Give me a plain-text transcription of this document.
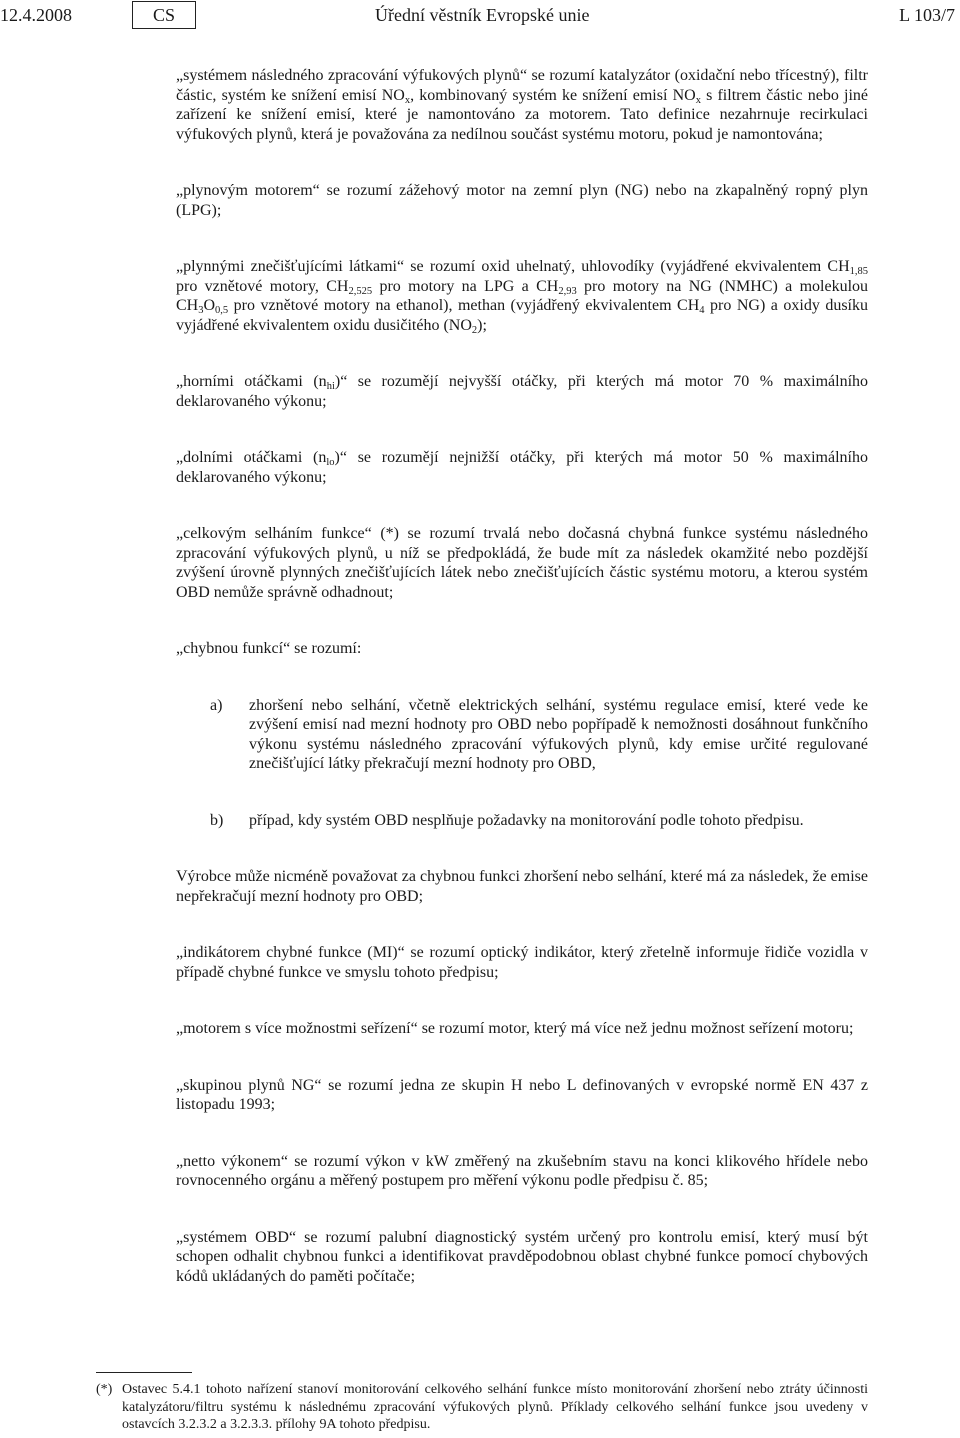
12.4.2008	CS	Úřední věstník Evropské unie	L 103/7

„systémem následného zpracování výfukových plynů“ se rozumí katalyzátor (oxidační nebo třícestný), filtr částic, systém ke snížení emisí $NO_x$, kombinovaný systém ke snížení emisí $NO_x$ s filtrem částic nebo jiné zařízení ke snížení emisí, které je namontováno za motorem. Tato definice nezahrnuje recirkulaci výfukových plynů, která je považována za nedílnou součást systému motoru, pokud je namontována;

„plynovým motorem“ se rozumí zážehový motor na zemní plyn (NG) nebo na zkapalněný ropný plyn (LPG);

„plynnými znečišťujícími látkami“ se rozumí oxid uhelnatý, uhlovodíky (vyjádřené ekvivalentem $CH_{1,85}$ pro vznětové motory, $CH_{2,525}$ pro motory na LPG a $CH_{2,93}$ pro motory na NG (NMHC) a molekulou $CH_3O_{0,5}$ pro vznětové motory na ethanol), methan (vyjádřený ekvivalentem $CH_4$ pro NG) a oxidy dusíku vyjádřené ekvivalentem oxidu dusičitého $(NO_2)$;

„horními otáčkami $(n_{hi})“$ se rozumějí nejvyšší otáčky, při kterých má motor 70 % maximálního deklarovaného výkonu;

„dolními otáčkami $(n_{lo})“$ se rozumějí nejnižší otáčky, při kterých má motor 50 % maximálního deklarovaného výkonu;

„celkovým selháním funkce“ (*) se rozumí trvalá nebo dočasná chybná funkce systému následného zpracování výfukových plynů, u níž se předpokládá, že bude mít za následek okamžité nebo pozdější zvýšení úrovně plynných znečišťujících látek nebo znečišťujících částic systému motoru, a kterou systém OBD nemůže správně odhadnout;

„chybnou funkcí“ se rozumí:

a) zhoršení nebo selhání, včetně elektrických selhání, systému regulace emisí, které vede ke zvýšení emisí nad mezní hodnoty pro OBD nebo popřípadě k nemožnosti dosáhnout funkčního výkonu systému následného zpracování výfukových plynů, kdy emise určité regulované znečišťující látky překračují mezní hodnoty pro OBD,

b) případ, kdy systém OBD nesplňuje požadavky na monitorování podle tohoto předpisu.

Výrobce může nicméně považovat za chybnou funkci zhoršení nebo selhání, které má za následek, že emise nepřekračují mezní hodnoty pro OBD;

„indikátorem chybné funkce (MI)“ se rozumí optický indikátor, který zřetelně informuje řidiče vozidla v případě chybné funkce ve smyslu tohoto předpisu;

„motorem s více možnostmi seřízení“ se rozumí motor, který má více než jednu možnost seřízení motoru;

„skupinou plynů NG“ se rozumí jedna ze skupin H nebo L definovaných v evropské normě EN 437 z listopadu 1993;

„netto výkonem“ se rozumí výkon v kW změřený na zkušebním stavu na konci klikového hřídele nebo rovnocenného orgánu a měřený postupem pro měření výkonu podle předpisu č. 85;

„systémem OBD“ se rozumí palubní diagnostický systém určený pro kontrolu emisí, který musí být schopen odhalit chybnou funkci a identifikovat pravděpodobnou oblast chybné funkce pomocí chybových kódů ukládaných do paměti počítače;

(*) Ostavec 5.4.1 tohoto nařízení stanoví monitorování celkového selhání funkce místo monitorování zhoršení nebo ztráty účinnosti katalyzátoru/filtru systému k následnému zpracování výfukových plynů. Příklady celkového selhání funkce jsou uvedeny v ostavcích 3.2.3.2 a 3.2.3.3. přílohy 9A tohoto předpisu.
